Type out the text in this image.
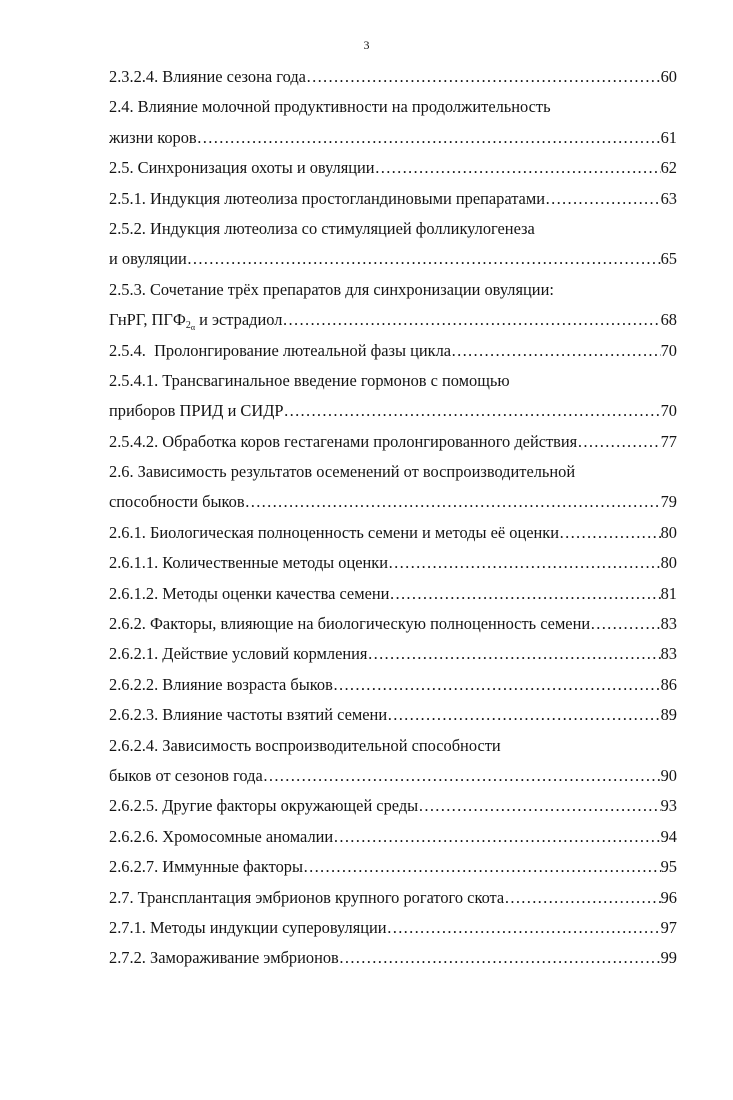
3
2.3.2.4. Влияние сезона года ……………………………………………………………………………………………………………………………………………………	60
2.4. Влияние молочной продуктивности на продолжительность
жизни коров ……………………………………………………………………………………………………………………………………………………	61
2.5. Синхронизация охоты и овуляции ……………………………………………………………………………………………………………………………………………………	62
2.5.1. Индукция лютеолиза простогландиновыми препаратами ……………………………………………………………………………………………………………………………………………………	63
2.5.2. Индукция лютеолиза со стимуляцией фолликулогенеза
и овуляции ……………………………………………………………………………………………………………………………………………………	65
2.5.3. Сочетание трёх препаратов для синхронизации овуляции:
ГнРГ, $ПГФ_{2_\alpha}$ и эстрадиол ……………………………………………………………………………………………………………………………………………………	68
2.5.4.  Пролонгирование лютеальной фазы цикла ……………………………………………………………………………………………………………………………………………………	70
2.5.4.1. Трансвагинальное введение гормонов с помощью
приборов ПРИД и СИДР ……………………………………………………………………………………………………………………………………………………	70
2.5.4.2. Обработка коров гестагенами пролонгированного действия ……………………………………………………………………………………………………………………………………………………	77
2.6. Зависимость результатов осеменений от воспроизводительной
способности быков ……………………………………………………………………………………………………………………………………………………	79
2.6.1. Биологическая полноценность семени и методы её оценки ……………………………………………………………………………………………………………………………………………………	80
2.6.1.1. Количественные методы оценки ……………………………………………………………………………………………………………………………………………………	80
2.6.1.2. Методы оценки качества семени ……………………………………………………………………………………………………………………………………………………	81
2.6.2. Факторы, влияющие на биологическую полноценность семени ……………………………………………………………………………………………………………………………………………………	83
2.6.2.1. Действие условий кормления ……………………………………………………………………………………………………………………………………………………	83
2.6.2.2. Влияние возраста быков ……………………………………………………………………………………………………………………………………………………	86
2.6.2.3. Влияние частоты взятий семени ……………………………………………………………………………………………………………………………………………………	89
2.6.2.4. Зависимость воспроизводительной способности
быков от сезонов года ……………………………………………………………………………………………………………………………………………………	90
2.6.2.5. Другие факторы окружающей среды ……………………………………………………………………………………………………………………………………………………	93
2.6.2.6. Хромосомные аномалии ……………………………………………………………………………………………………………………………………………………	94
2.6.2.7. Иммунные факторы ……………………………………………………………………………………………………………………………………………………	95
2.7. Трансплантация эмбрионов крупного рогатого скота ……………………………………………………………………………………………………………………………………………………	96
2.7.1. Методы индукции суперовуляции ……………………………………………………………………………………………………………………………………………………	97
2.7.2. Замораживание эмбрионов ……………………………………………………………………………………………………………………………………………………	99
